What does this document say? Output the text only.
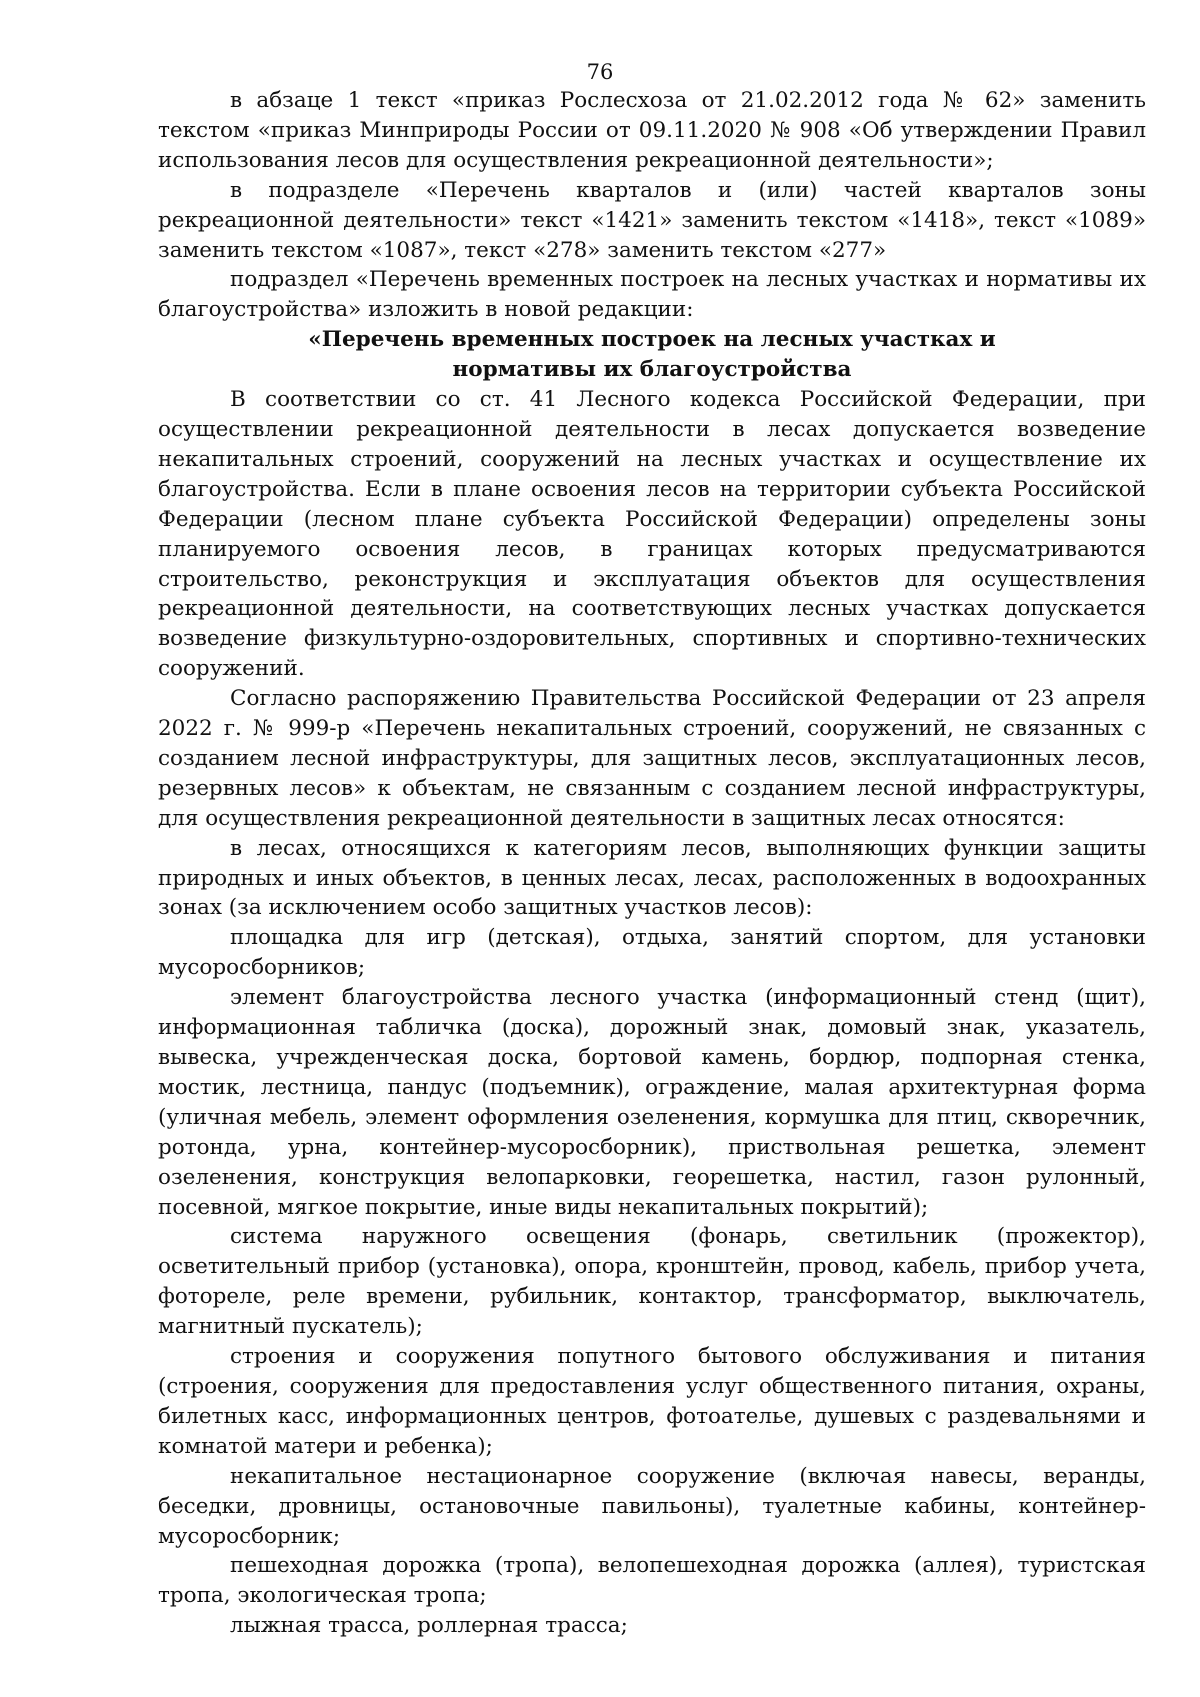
76

в абзаце 1 текст «приказ Рослесхоза от 21.02.2012 года № 62» заменить текстом «приказ Минприроды России от 09.11.2020 № 908 «Об утверждении Правил использования лесов для осуществления рекреационной деятельности»;

в подразделе «Перечень кварталов и (или) частей кварталов зоны рекреационной деятельности» текст «1421» заменить текстом «1418», текст «1089» заменить текстом «1087», текст «278» заменить текстом «277»

подраздел «Перечень временных построек на лесных участках и нормативы их благоустройства» изложить в новой редакции:

«Перечень временных построек на лесных участках и
нормативы их благоустройства

В соответствии со ст. 41 Лесного кодекса Российской Федерации, при осуществлении рекреационной деятельности в лесах допускается возведение некапитальных строений, сооружений на лесных участках и осуществление их благоустройства. Если в плане освоения лесов на территории субъекта Российской Федерации (лесном плане субъекта Российской Федерации) определены зоны планируемого освоения лесов, в границах которых предусматриваются строительство, реконструкция и эксплуатация объектов для осуществления рекреационной деятельности, на соответствующих лесных участках допускается возведение физкультурно-оздоровительных, спортивных и спортивно-технических сооружений.

Согласно распоряжению Правительства Российской Федерации от 23 апреля 2022 г. № 999-р «Перечень некапитальных строений, сооружений, не связанных с созданием лесной инфраструктуры, для защитных лесов, эксплуатационных лесов, резервных лесов» к объектам, не связанным с созданием лесной инфраструктуры, для осуществления рекреационной деятельности в защитных лесах относятся:

в лесах, относящихся к категориям лесов, выполняющих функции защиты природных и иных объектов, в ценных лесах, лесах, расположенных в водоохранных зонах (за исключением особо защитных участков лесов):

площадка для игр (детская), отдыха, занятий спортом, для установки мусоросборников;

элемент благоустройства лесного участка (информационный стенд (щит), информационная табличка (доска), дорожный знак, домовый знак, указатель, вывеска, учрежденческая доска, бортовой камень, бордюр, подпорная стенка, мостик, лестница, пандус (подъемник), ограждение, малая архитектурная форма (уличная мебель, элемент оформления озеленения, кормушка для птиц, скворечник, ротонда, урна, контейнер-мусоросборник), приствольная решетка, элемент озеленения, конструкция велопарковки, георешетка, настил, газон рулонный, посевной, мягкое покрытие, иные виды некапитальных покрытий);

система наружного освещения (фонарь, светильник (прожектор), осветительный прибор (установка), опора, кронштейн, провод, кабель, прибор учета, фотореле, реле времени, рубильник, контактор, трансформатор, выключатель, магнитный пускатель);

строения и сооружения попутного бытового обслуживания и питания (строения, сооружения для предоставления услуг общественного питания, охраны, билетных касс, информационных центров, фотоателье, душевых с раздевальнями и комнатой матери и ребенка);

некапитальное нестационарное сооружение (включая навесы, веранды, беседки, дровницы, остановочные павильоны), туалетные кабины, контейнер-мусоросборник;

пешеходная дорожка (тропа), велопешеходная дорожка (аллея), туристская тропа, экологическая тропа;

лыжная трасса, роллерная трасса;
